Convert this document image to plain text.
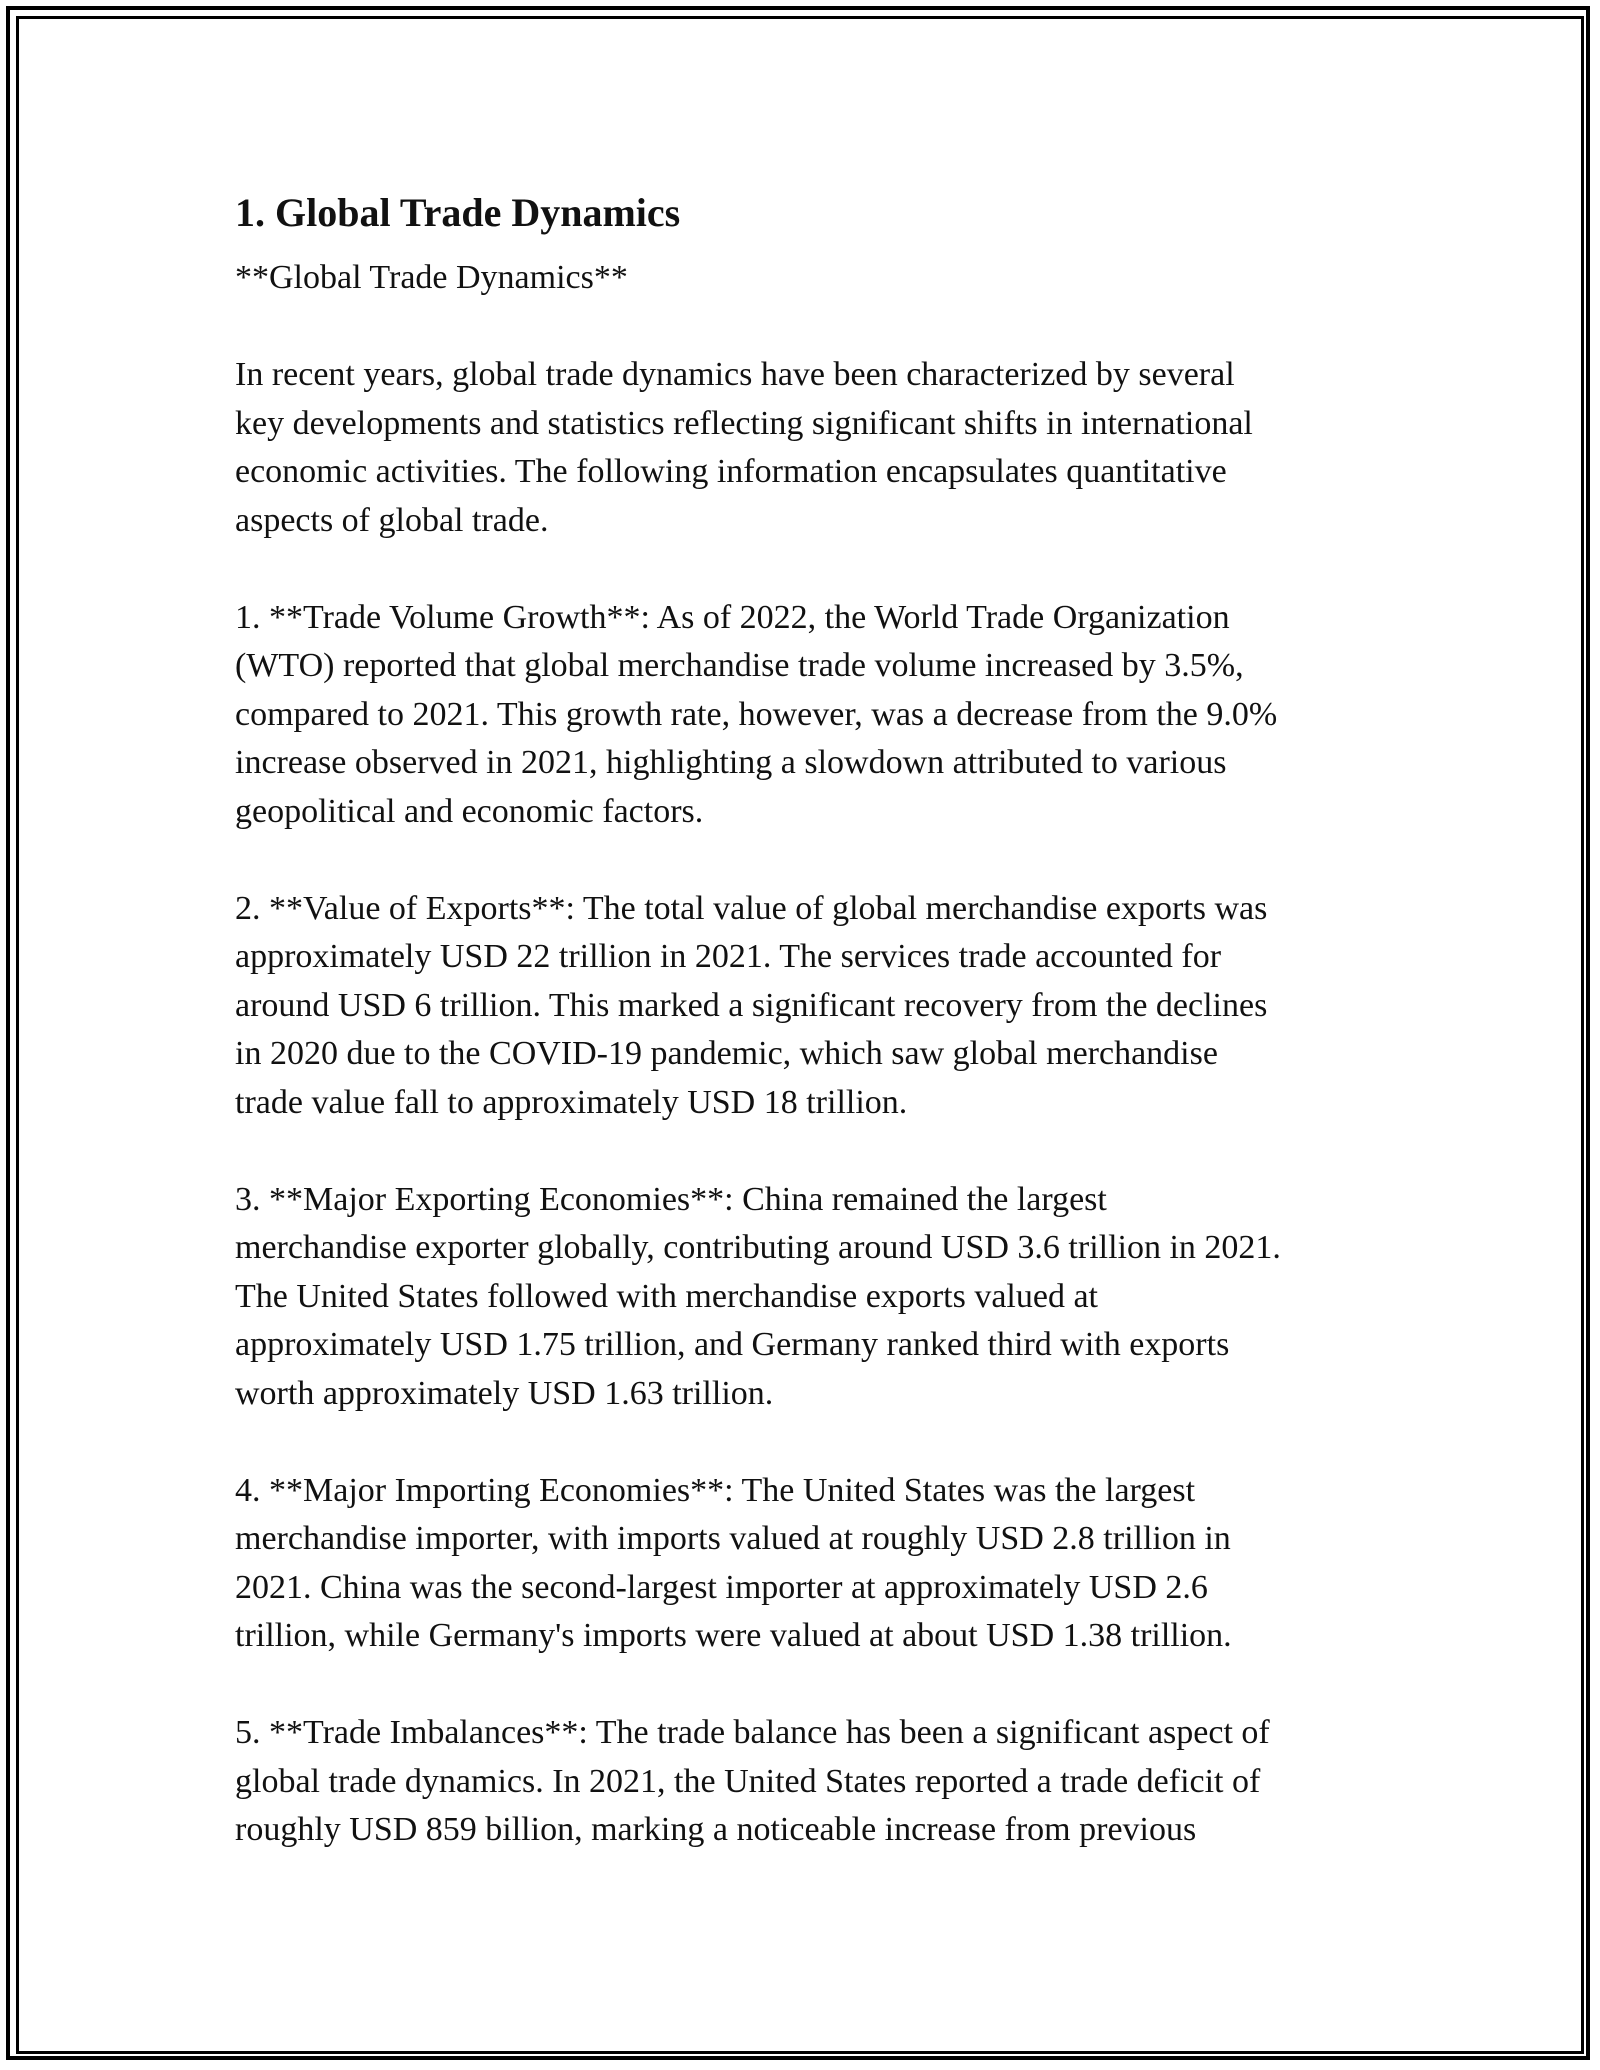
1. Global Trade Dynamics

**Global Trade Dynamics**

In recent years, global trade dynamics have been characterized by several
key developments and statistics reflecting significant shifts in international
economic activities. The following information encapsulates quantitative
aspects of global trade.

1. **Trade Volume Growth**: As of 2022, the World Trade Organization
(WTO) reported that global merchandise trade volume increased by 3.5%,
compared to 2021. This growth rate, however, was a decrease from the 9.0%
increase observed in 2021, highlighting a slowdown attributed to various
geopolitical and economic factors.

2. **Value of Exports**: The total value of global merchandise exports was
approximately USD 22 trillion in 2021. The services trade accounted for
around USD 6 trillion. This marked a significant recovery from the declines
in 2020 due to the COVID-19 pandemic, which saw global merchandise
trade value fall to approximately USD 18 trillion.

3. **Major Exporting Economies**: China remained the largest
merchandise exporter globally, contributing around USD 3.6 trillion in 2021.
The United States followed with merchandise exports valued at
approximately USD 1.75 trillion, and Germany ranked third with exports
worth approximately USD 1.63 trillion.

4. **Major Importing Economies**: The United States was the largest
merchandise importer, with imports valued at roughly USD 2.8 trillion in
2021. China was the second-largest importer at approximately USD 2.6
trillion, while Germany's imports were valued at about USD 1.38 trillion.

5. **Trade Imbalances**: The trade balance has been a significant aspect of
global trade dynamics. In 2021, the United States reported a trade deficit of
roughly USD 859 billion, marking a noticeable increase from previous
